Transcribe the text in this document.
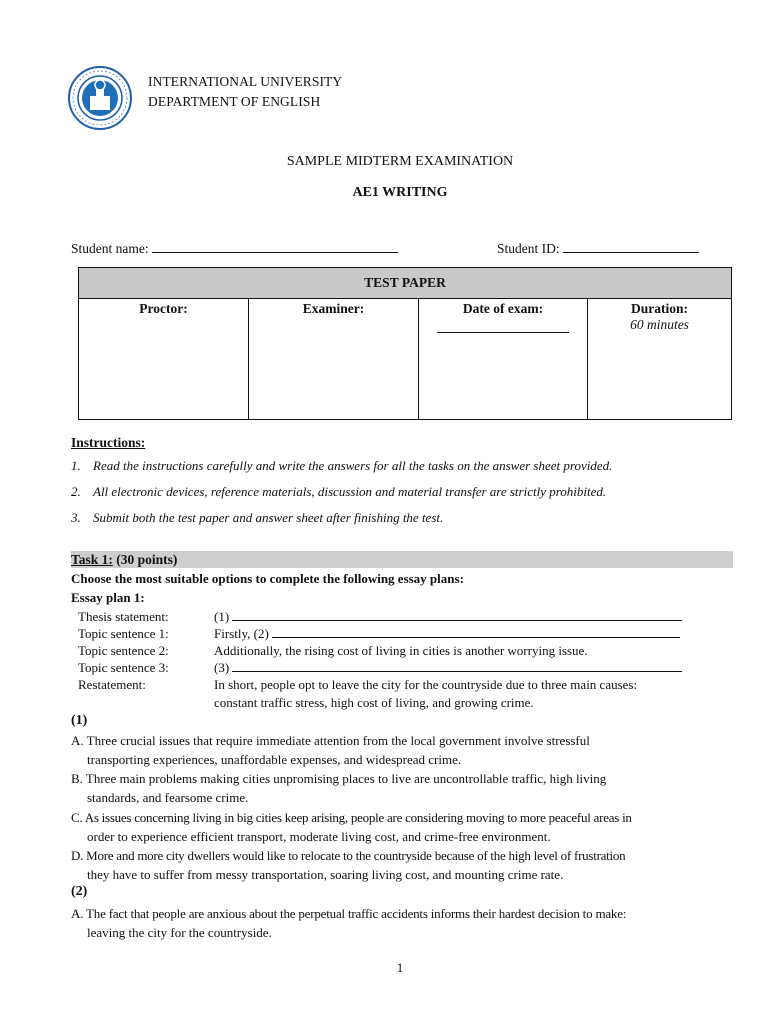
INTERNATIONAL UNIVERSITY
DEPARTMENT OF ENGLISH
SAMPLE MIDTERM EXAMINATION
AE1 WRITING
Student name:	Student ID:
TEST PAPER

Proctor:	Examiner:	Date of exam:	Duration:
60 minutes
Instructions:
1. Read the instructions carefully and write the answers for all the tasks on the answer sheet provided.
2. All electronic devices, reference materials, discussion and material transfer are strictly prohibited.
3. Submit both the test paper and answer sheet after finishing the test.
Task 1: (30 points)
Choose the most suitable options to complete the following essay plans:
Essay plan 1:
Thesis statement:	(1)
Topic sentence 1:	Firstly, (2)
Topic sentence 2:	Additionally, the rising cost of living in cities is another worrying issue.
Topic sentence 3:	(3)
Restatement:	In short, people opt to leave the city for the countryside due to three main causes:
constant traffic stress, high cost of living, and growing crime.
(1)
A. Three crucial issues that require immediate attention from the local government involve stressful
transporting experiences, unaffordable expenses, and widespread crime.
B. Three main problems making cities unpromising places to live are uncontrollable traffic, high living
standards, and fearsome crime.
C. As issues concerning living in big cities keep arising, people are considering moving to more peaceful areas in
order to experience efficient transport, moderate living cost, and crime-free environment.
D. More and more city dwellers would like to relocate to the countryside because of the high level of frustration
they have to suffer from messy transportation, soaring living cost, and mounting crime rate.
(2)
A. The fact that people are anxious about the perpetual traffic accidents informs their hardest decision to make:
leaving the city for the countryside.
1
